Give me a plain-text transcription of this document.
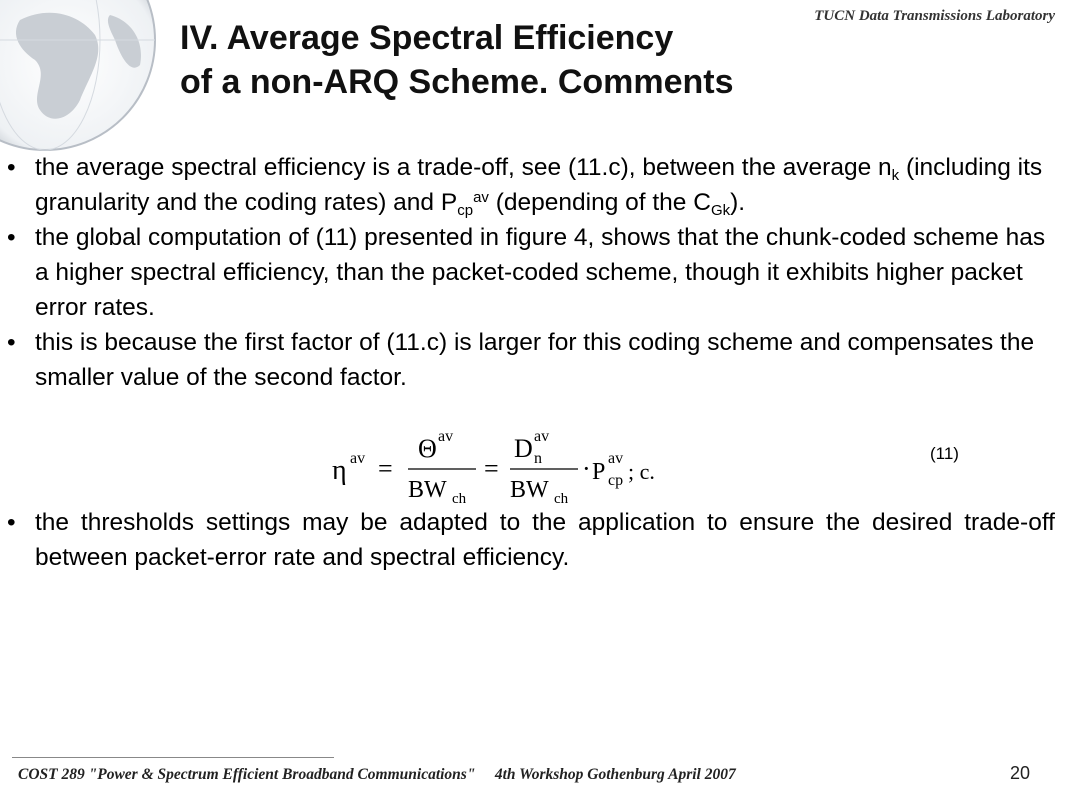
TUCN Data Transmissions Laboratory
IV. Average Spectral Efficiency
of a non-ARQ Scheme. Comments

• the average spectral efficiency is a trade-off, see (11.c), between the average $n_k$ (including its granularity and the coding rates) and $P_{cp}^{av}$ (depending of the $C_{Gk}$).

• the global computation of (11) presented in figure 4, shows that the chunk-coded scheme has a higher spectral efficiency, than the packet-coded scheme, though it exhibits higher packet error rates.

• this is because the first factor of (11.c) is larger for this coding scheme and compensates the smaller value of the second factor.

η av =
Θ av
BW ch
=
D av
n
BW ch
· P
av
cp ; c.
(11)

• the thresholds settings may be adapted to the application to ensure the desired trade-off between packet-error rate and spectral efficiency.

COST 289 "Power & Spectrum Efficient Broadband Communications"     4th Workshop Gothenburg April 2007	20
